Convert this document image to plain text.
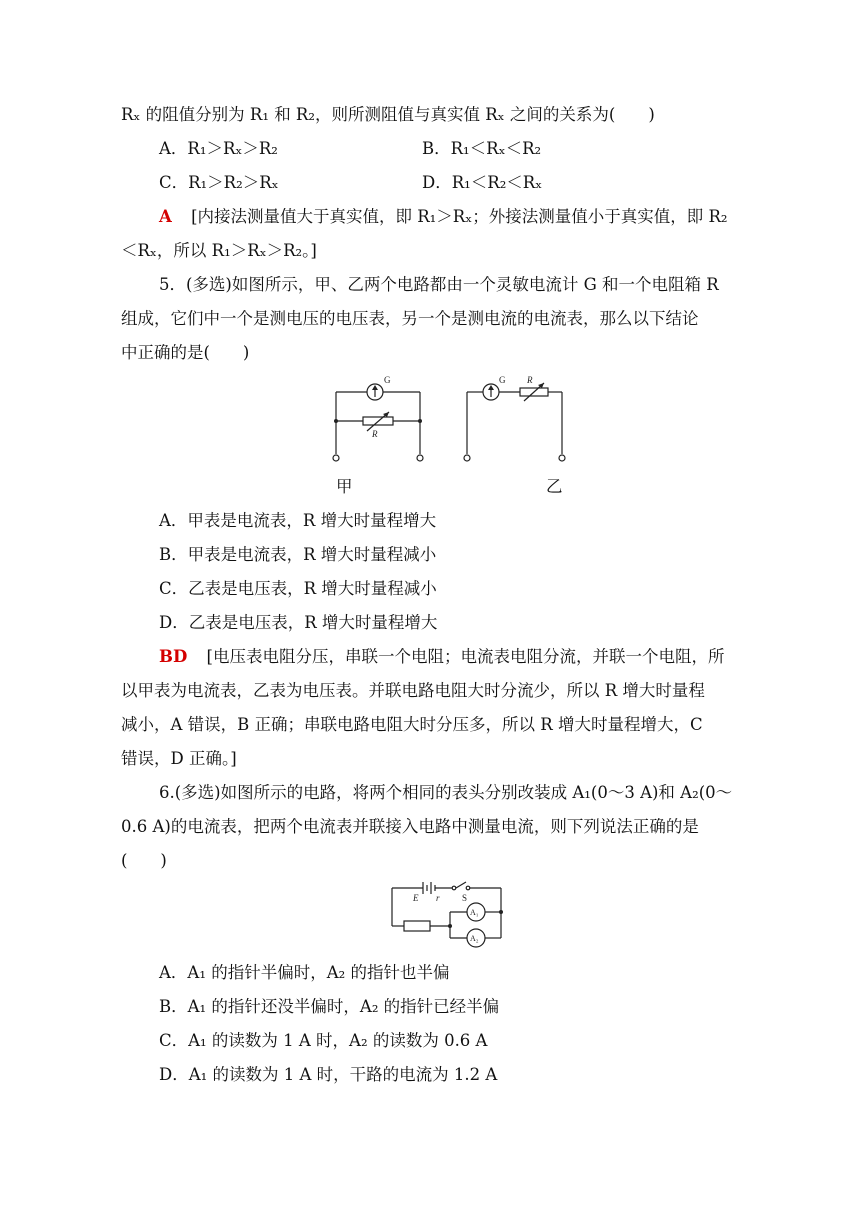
Rₓ 的阻值分别为 R₁ 和 R₂，则所测阻值与真实值 Rₓ 之间的关系为(　　)
A．R₁＞Rₓ＞R₂	B．R₁＜Rₓ＜R₂
C．R₁＞R₂＞Rₓ	D．R₁＜R₂＜Rₓ
A [内接法测量值大于真实值，即 R₁＞Rₓ；外接法测量值小于真实值，即 R₂
＜Rₓ，所以 R₁＞Rₓ＞R₂。]
5．(多选)如图所示，甲、乙两个电路都由一个灵敏电流计 G 和一个电阻箱 R
组成，它们中一个是测电压的电压表，另一个是测电流的电流表，那么以下结论
中正确的是(　　)
G
R
G R
甲	乙
A．甲表是电流表，R 增大时量程增大
B．甲表是电流表，R 增大时量程减小
C．乙表是电压表，R 增大时量程减小
D．乙表是电压表，R 增大时量程增大
BD [电压表电阻分压，串联一个电阻；电流表电阻分流，并联一个电阻，所
以甲表为电流表，乙表为电压表。并联电路电阻大时分流少，所以 R 增大时量程
减小，A 错误，B 正确；串联电路电阻大时分压多，所以 R 增大时量程增大，C
错误，D 正确。]
6.(多选)如图所示的电路，将两个相同的表头分别改装成 A₁(0～3 A)和 A₂(0～
0.6 A)的电流表，把两个电流表并联接入电路中测量电流，则下列说法正确的是
(　　)
E r S
A₁
A₂
A．A₁ 的指针半偏时，A₂ 的指针也半偏
B．A₁ 的指针还没半偏时，A₂ 的指针已经半偏
C．A₁ 的读数为 1 A 时，A₂ 的读数为 0.6 A
D．A₁ 的读数为 1 A 时，干路的电流为 1.2 A
